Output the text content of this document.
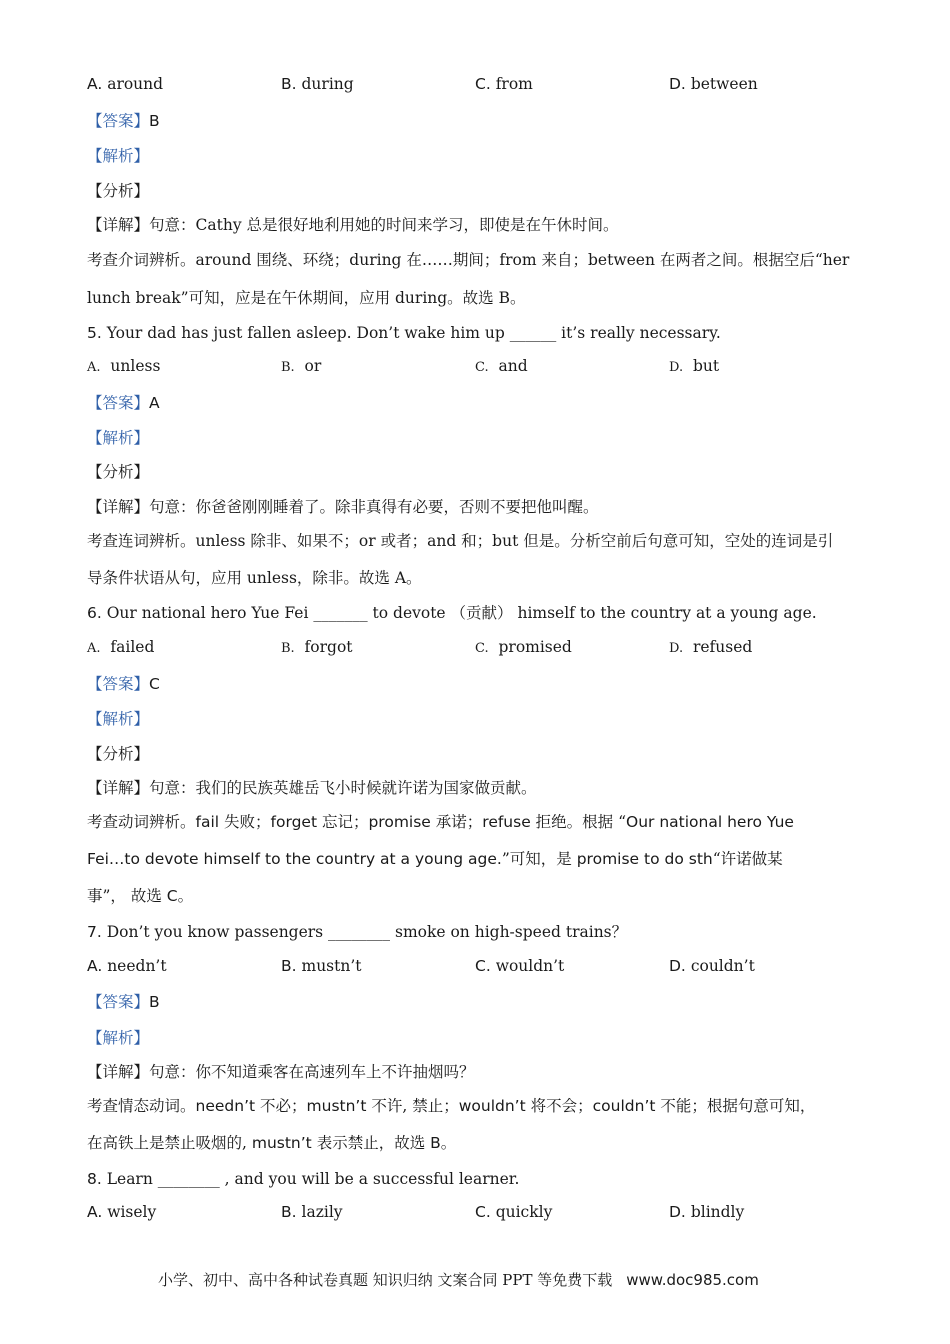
A. around	B. during	C. from	D. between
【答案】B
【解析】
【分析】
【详解】句意：Cathy 总是很好地利用她的时间来学习，即使是在午休时间。
考查介词辨析。around 围绕、环绕；during 在……期间；from 来自；between 在两者之间。根据空后“her
lunch break”可知，应是在午休期间，应用 during。故选 B。
5. Your dad has just fallen asleep. Don’t wake him up ______ it’s really necessary.
A. unless	B. or	C. and	D. but
【答案】A
【解析】
【分析】
【详解】句意：你爸爸刚刚睡着了。除非真得有必要，否则不要把他叫醒。
考查连词辨析。unless 除非、如果不；or 或者；and 和；but 但是。分析空前后句意可知，空处的连词是引
导条件状语从句，应用 unless，除非。故选 A。
6. Our national hero Yue Fei _______ to devote （贡献） himself to the country at a young age.
A. failed	B. forgot	C. promised	D. refused
【答案】C
【解析】
【分析】
【详解】句意：我们的民族英雄岳飞小时候就许诺为国家做贡献。
考查动词辨析。fail 失败；forget 忘记；promise 承诺；refuse 拒绝。根据 “Our national hero Yue
Fei…to devote himself to the country at a young age.”可知，是 promise to do sth“许诺做某
事”， 故选 C。
7. Don’t you know passengers ________ smoke on high-speed trains？
A. needn’t	B. mustn’t	C. wouldn’t	D. couldn’t
【答案】B
【解析】
【详解】句意：你不知道乘客在高速列车上不许抽烟吗？
考查情态动词。needn’t 不必；mustn’t 不许, 禁止；wouldn’t 将不会；couldn’t 不能；根据句意可知，
在高铁上是禁止吸烟的, mustn’t 表示禁止，故选 B。
8. Learn ________ , and you will be a successful learner.
A. wisely	B. lazily	C. quickly	D. blindly
小学、初中、高中各种试卷真题 知识归纳 文案合同 PPT 等免费下载 www.doc985.com
